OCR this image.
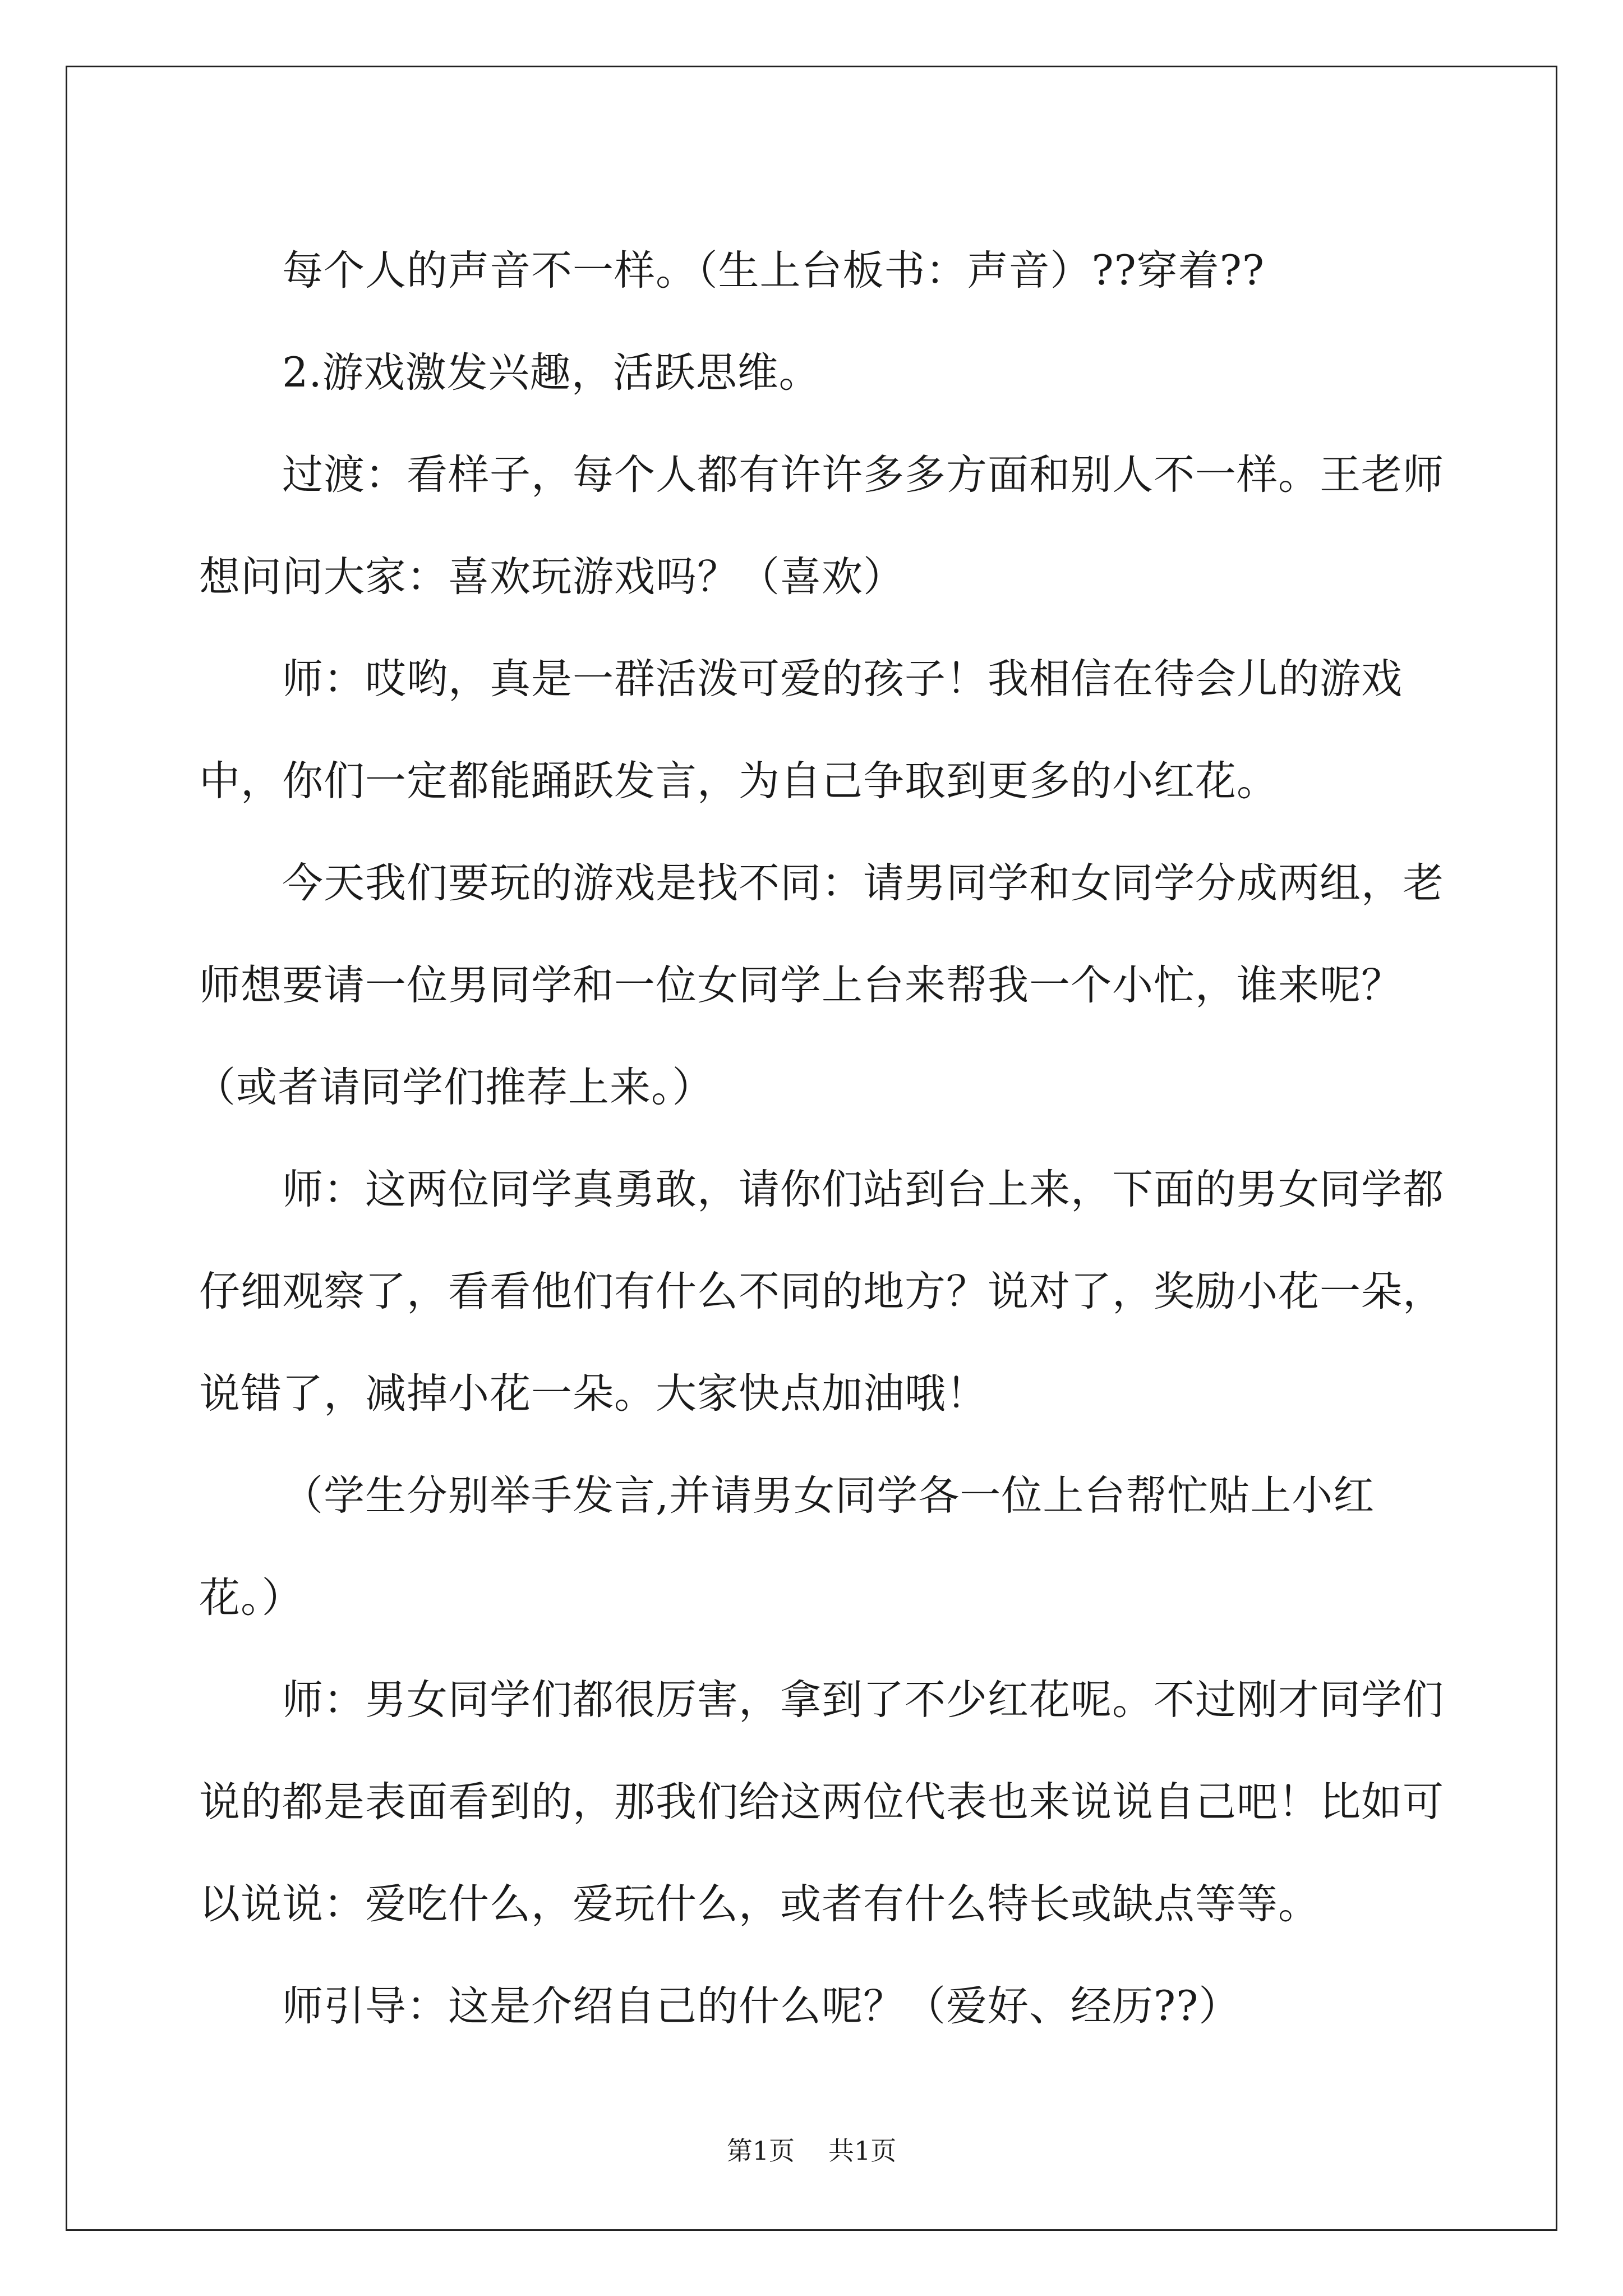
每个人的声音不一样。（生上台板书：声音）??穿着??

2.游戏激发兴趣，活跃思维。

过渡：看样子，每个人都有许许多多方面和别人不一样。王老师想问问大家：喜欢玩游戏吗？（喜欢）

师：哎哟，真是一群活泼可爱的孩子！我相信在待会儿的游戏中，你们一定都能踊跃发言，为自己争取到更多的小红花。

今天我们要玩的游戏是找不同：请男同学和女同学分成两组，老师想要请一位男同学和一位女同学上台来帮我一个小忙，谁来呢？

（或者请同学们推荐上来。）

师：这两位同学真勇敢，请你们站到台上来，下面的男女同学都仔细观察了，看看他们有什么不同的地方？说对了，奖励小花一朵，说错了，减掉小花一朵。大家快点加油哦！

（学生分别举手发言,并请男女同学各一位上台帮忙贴上小红花。）

师：男女同学们都很厉害，拿到了不少红花呢。不过刚才同学们说的都是表面看到的，那我们给这两位代表也来说说自己吧！比如可以说说：爱吃什么，爱玩什么，或者有什么特长或缺点等等。

师引导：这是介绍自己的什么呢？（爱好、经历??）

第1页 共1页
